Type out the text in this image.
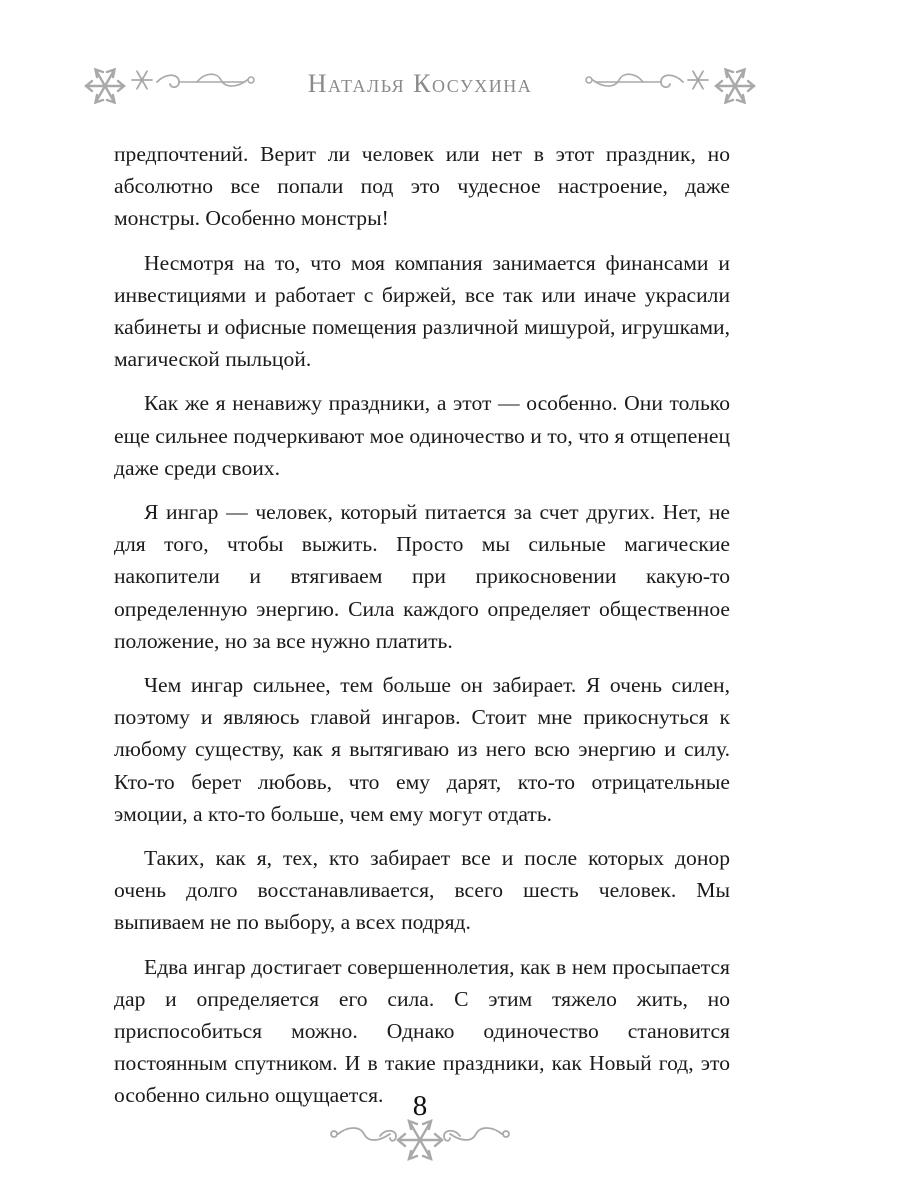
Наталья Косухина

предпочтений. Верит ли человек или нет в этот праздник, но абсолютно все попали под это чудесное настроение, даже монстры. Особенно монстры!

Несмотря на то, что моя компания занимается финансами и инвестициями и работает с биржей, все так или иначе украсили кабинеты и офисные помещения различной мишурой, игрушками, магической пыльцой.

Как же я ненавижу праздники, а этот — особенно. Они только еще сильнее подчеркивают мое одиночество и то, что я отщепенец даже среди своих.

Я ингар — человек, который питается за счет других. Нет, не для того, чтобы выжить. Просто мы сильные магические накопители и втягиваем при прикосновении какую-то определенную энергию. Сила каждого определяет общественное положение, но за все нужно платить.

Чем ингар сильнее, тем больше он забирает. Я очень силен, поэтому и являюсь главой ингаров. Стоит мне прикоснуться к любому существу, как я вытягиваю из него всю энергию и силу. Кто-то берет любовь, что ему дарят, кто-то отрицательные эмоции, а кто-то больше, чем ему могут отдать.

Таких, как я, тех, кто забирает все и после которых донор очень долго восстанавливается, всего шесть человек. Мы выпиваем не по выбору, а всех подряд.

Едва ингар достигает совершеннолетия, как в нем просыпается дар и определяется его сила. С этим тяжело жить, но приспособиться можно. Однако одиночество становится постоянным спутником. И в такие праздники, как Новый год, это особенно сильно ощущается.	8
